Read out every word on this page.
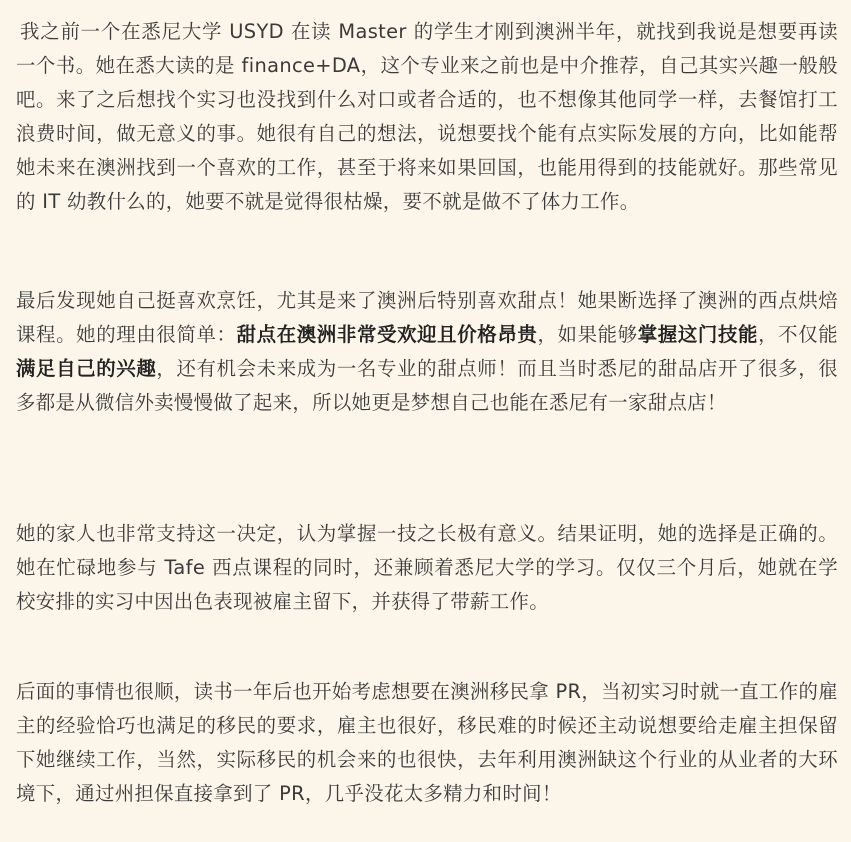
我之前一个在悉尼大学 USYD 在读 Master 的学生才刚到澳洲半年，就找到我说是想要再读一个书。她在悉大读的是 finance+DA，这个专业来之前也是中介推荐，自己其实兴趣一般般吧。来了之后想找个实习也没找到什么对口或者合适的，也不想像其他同学一样，去餐馆打工浪费时间，做无意义的事。她很有自己的想法，说想要找个能有点实际发展的方向，比如能帮她未来在澳洲找到一个喜欢的工作，甚至于将来如果回国，也能用得到的技能就好。那些常见的 IT 幼教什么的，她要不就是觉得很枯燥，要不就是做不了体力工作。

最后发现她自己挺喜欢烹饪，尤其是来了澳洲后特别喜欢甜点！她果断选择了澳洲的西点烘焙课程。她的理由很简单：甜点在澳洲非常受欢迎且价格昂贵，如果能够掌握这门技能，不仅能满足自己的兴趣，还有机会未来成为一名专业的甜点师！而且当时悉尼的甜品店开了很多，很多都是从微信外卖慢慢做了起来，所以她更是梦想自己也能在悉尼有一家甜点店！

她的家人也非常支持这一决定，认为掌握一技之长极有意义。结果证明，她的选择是正确的。她在忙碌地参与 Tafe 西点课程的同时，还兼顾着悉尼大学的学习。仅仅三个月后，她就在学校安排的实习中因出色表现被雇主留下，并获得了带薪工作。

后面的事情也很顺，读书一年后也开始考虑想要在澳洲移民拿 PR，当初实习时就一直工作的雇主的经验恰巧也满足的移民的要求，雇主也很好，移民难的时候还主动说想要给走雇主担保留下她继续工作，当然，实际移民的机会来的也很快，去年利用澳洲缺这个行业的从业者的大环境下，通过州担保直接拿到了 PR，几乎没花太多精力和时间！
